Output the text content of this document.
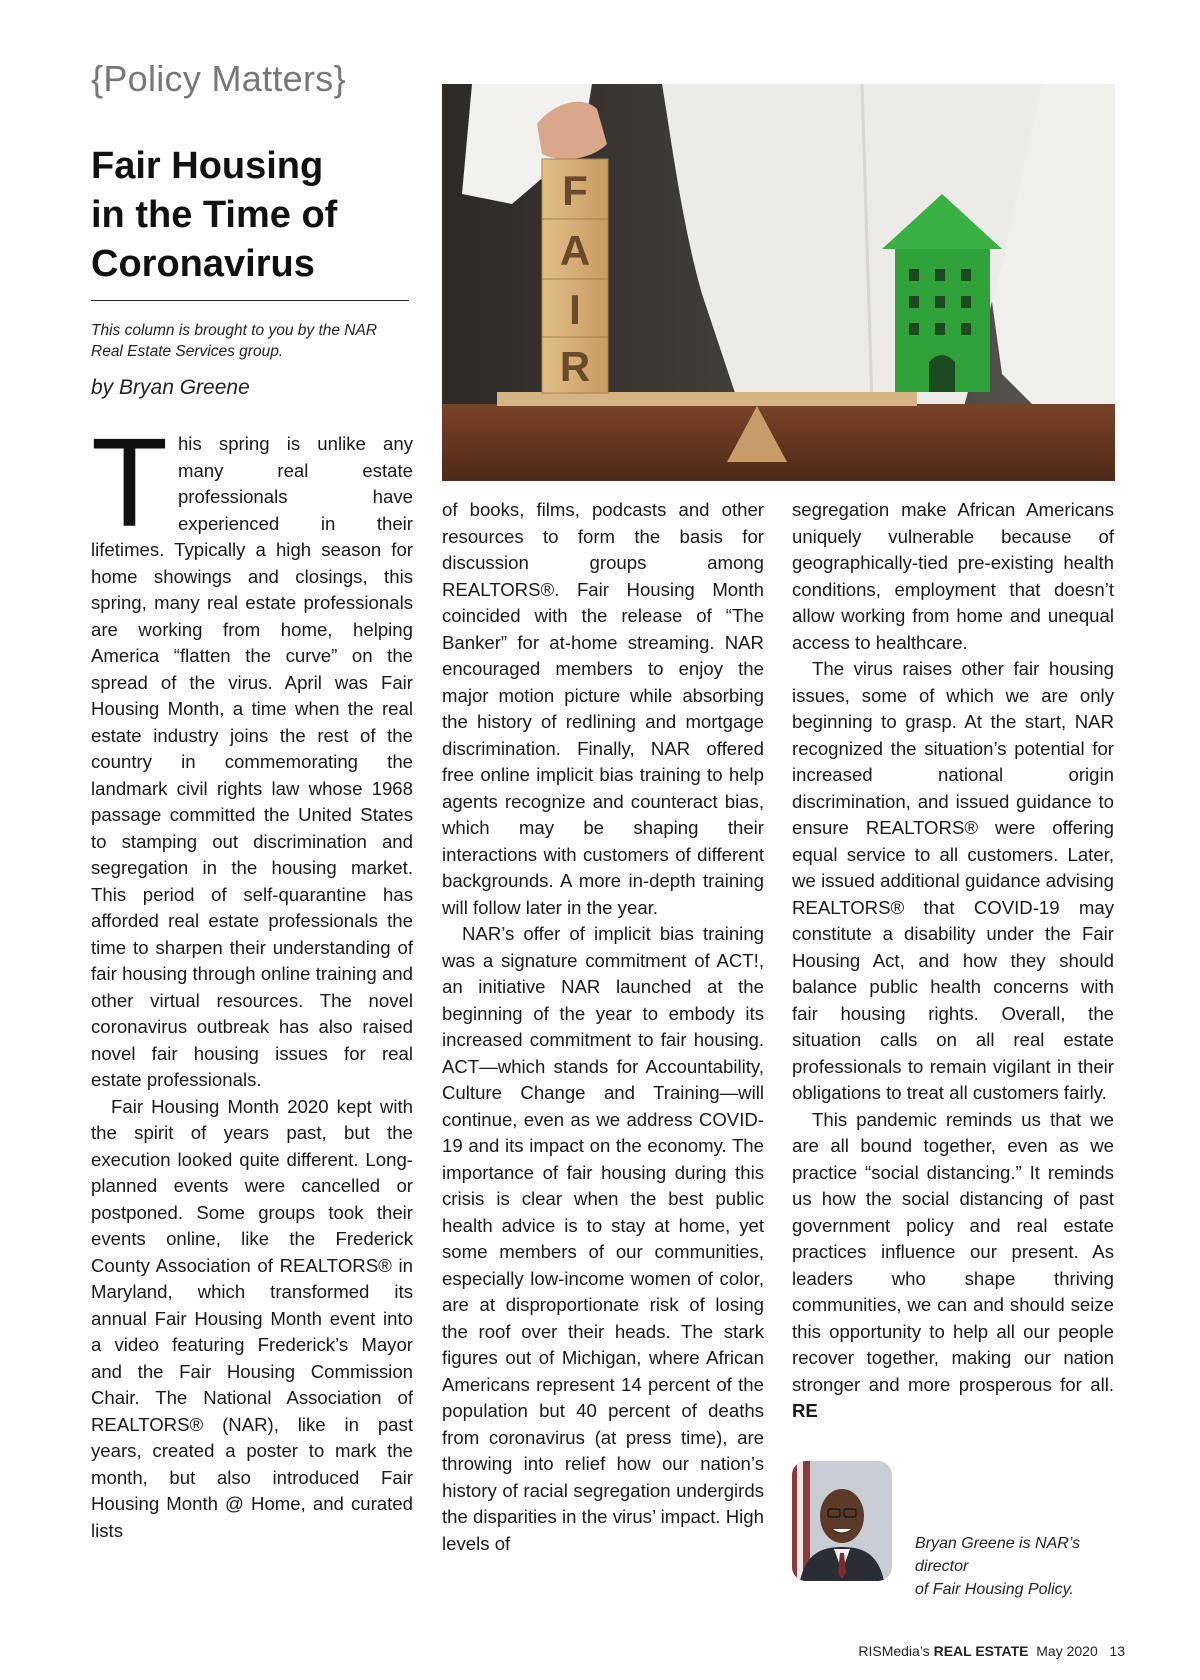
{Policy Matters}
Fair Housing
in the Time of
Coronavirus
This column is brought to you by the NAR
Real Estate Services group.
by Bryan Greene
F
A
I
R

This spring is unlike any many real estate professionals have experienced in their lifetimes. Typically a high season for home showings and closings, this spring, many real estate professionals are working from home, helping America “flatten the curve” on the spread of the virus. April was Fair Housing Month, a time when the real estate industry joins the rest of the country in commemorating the landmark civil rights law whose 1968 passage committed the United States to stamping out discrimination and segregation in the housing market. This period of self-quarantine has afforded real estate professionals the time to sharpen their understanding of fair housing through online training and other virtual resources. The novel coronavirus outbreak has also raised novel fair housing issues for real estate professionals.

Fair Housing Month 2020 kept with the spirit of years past, but the execution looked quite different. Long-planned events were cancelled or postponed. Some groups took their events online, like the Frederick County Association of REALTORS® in Maryland, which transformed its annual Fair Housing Month event into a video featuring Frederick’s Mayor and the Fair Housing Commission Chair. The National Association of REALTORS® (NAR), like in past years, created a poster to mark the month, but also introduced Fair Housing Month @ Home, and curated lists

of books, films, podcasts and other resources to form the basis for discussion groups among REALTORS®. Fair Housing Month coincided with the release of “The Banker” for at-home streaming. NAR encouraged members to enjoy the major motion picture while absorbing the history of redlining and mortgage discrimination. Finally, NAR offered free online implicit bias training to help agents recognize and counteract bias, which may be shaping their interactions with customers of different backgrounds. A more in-depth training will follow later in the year.

NAR’s offer of implicit bias training was a signature commitment of ACT!, an initiative NAR launched at the beginning of the year to embody its increased commitment to fair housing. ACT—which stands for Accountability, Culture Change and Training—will continue, even as we address COVID-19 and its impact on the economy. The importance of fair housing during this crisis is clear when the best public health advice is to stay at home, yet some members of our communities, especially low-income women of color, are at disproportionate risk of losing the roof over their heads. The stark figures out of Michigan, where African Americans represent 14 percent of the population but 40 percent of deaths from coronavirus (at press time), are throwing into relief how our nation’s history of racial segregation undergirds the disparities in the virus’ impact. High levels of

segregation make African Americans uniquely vulnerable because of geographically-tied pre-existing health conditions, employment that doesn’t allow working from home and unequal access to healthcare.

The virus raises other fair housing issues, some of which we are only beginning to grasp. At the start, NAR recognized the situation’s potential for increased national origin discrimination, and issued guidance to ensure REALTORS® were offering equal service to all customers. Later, we issued additional guidance advising REALTORS® that COVID-19 may constitute a disability under the Fair Housing Act, and how they should balance public health concerns with fair housing rights. Overall, the situation calls on all real estate professionals to remain vigilant in their obligations to treat all customers fairly.

This pandemic reminds us that we are all bound together, even as we practice “social distancing.” It reminds us how the social distancing of past government policy and real estate practices influence our present. As leaders who shape thriving communities, we can and should seize this opportunity to help all our people recover together, making our nation stronger and more prosperous for all. RE

Bryan Greene is NAR’s director
of Fair Housing Policy.
RISMedia’s REAL ESTATE May 2020 13
